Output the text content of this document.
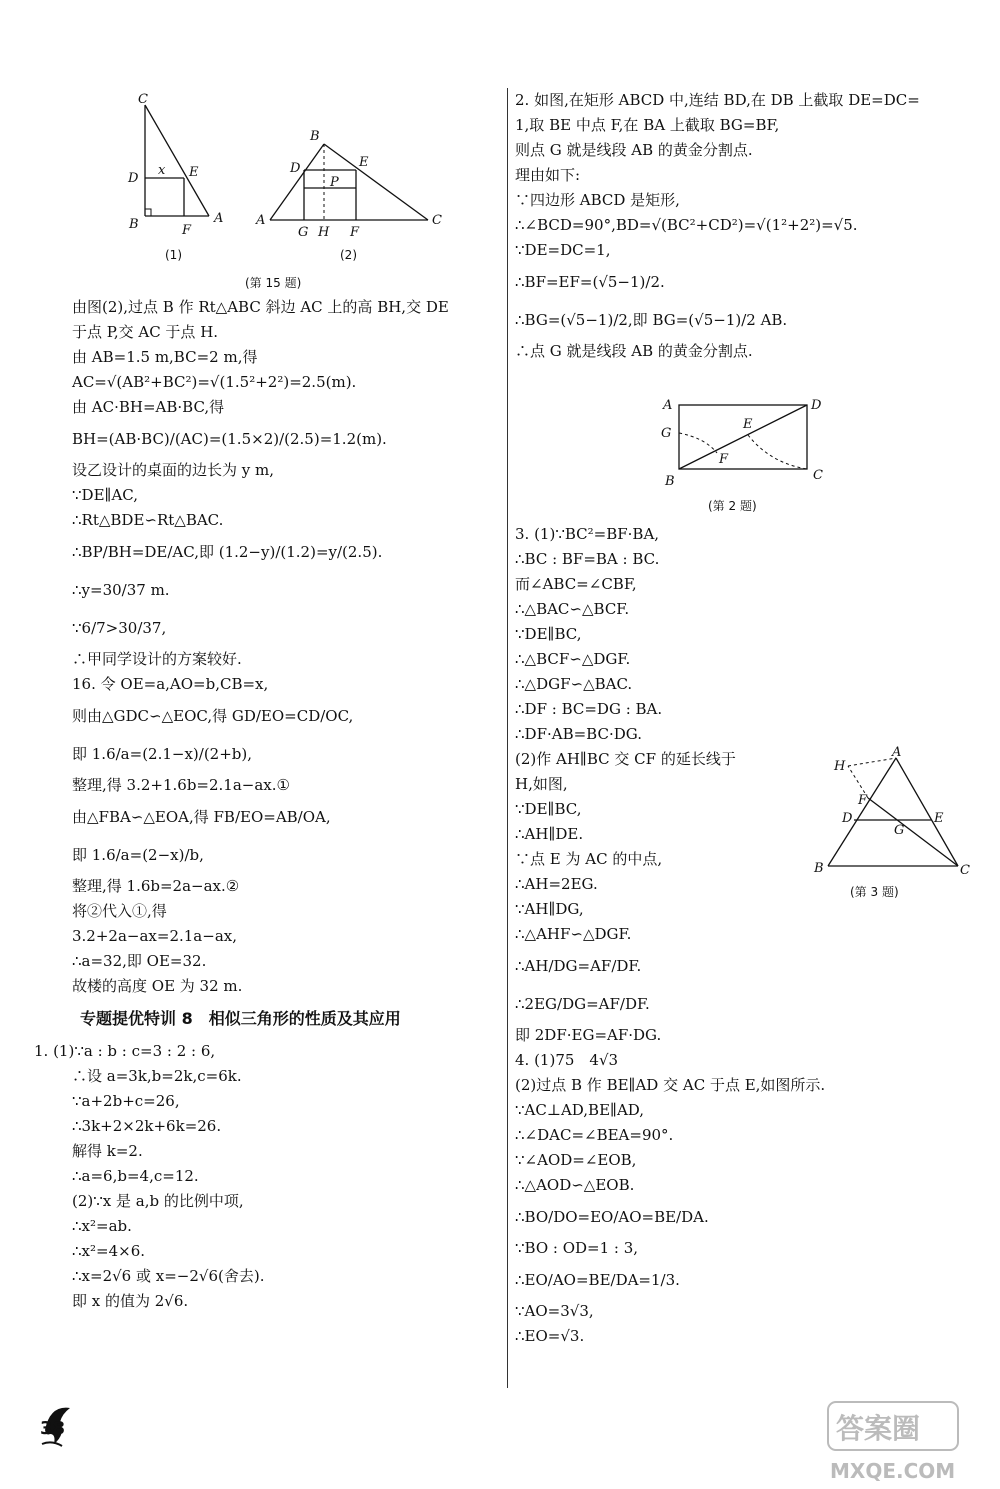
C
D
x E
B	F
A
(1)
B
D	E
P
A
G H F
C
(2)
(第 15 题)
由图(2),过点 B 作 Rt△ABC 斜边 AC 上的高 BH,交 DE
于点 P,交 AC 于点 H.
由 AB=1.5 m,BC=2 m,得
AC=√(AB²+BC²)=√(1.5²+2²)=2.5(m).
由 AC·BH=AB·BC,得
BH=(AB·BC)/(AC)=(1.5×2)/(2.5)=1.2(m).
设乙设计的桌面的边长为 y m,
∵DE∥AC,
∴Rt△BDE∽Rt△BAC.
∴BP/BH=DE/AC,即 (1.2−y)/(1.2)=y/(2.5).
∴y=30/37 m.
∵6/7>30/37,
∴甲同学设计的方案较好.
16. 令 OE=a,AO=b,CB=x,
则由△GDC∽△EOC,得 GD/EO=CD/OC,
即 1.6/a=(2.1−x)/(2+b),
整理,得 3.2+1.6b=2.1a−ax.①
由△FBA∽△EOA,得 FB/EO=AB/OA,
即 1.6/a=(2−x)/b,
整理,得 1.6b=2a−ax.②
将②代入①,得
3.2+2a−ax=2.1a−ax,
∴a=32,即 OE=32.
故楼的高度 OE 为 32 m.
专题提优特训 8　相似三角形的性质及其应用
1. (1)∵a : b : c=3 : 2 : 6,
∴设 a=3k,b=2k,c=6k.
∵a+2b+c=26,
∴3k+2×2k+6k=26.
解得 k=2.
∴a=6,b=4,c=12.
(2)∵x 是 a,b 的比例中项,
∴x²=ab.
∴x²=4×6.
∴x=2√6 或 x=−2√6(舍去).
即 x 的值为 2√6.
2. 如图,在矩形 ABCD 中,连结 BD,在 DB 上截取 DE=DC=
1,取 BE 中点 F,在 BA 上截取 BG=BF,
则点 G 就是线段 AB 的黄金分割点.
理由如下:
∵四边形 ABCD 是矩形,
∴∠BCD=90°,BD=√(BC²+CD²)=√(1²+2²)=√5.
∵DE=DC=1,
∴BF=EF=(√5−1)/2.
∴BG=(√5−1)/2,即 BG=(√5−1)/2 AB.
∴点 G 就是线段 AB 的黄金分割点.
A	D
G
E
F
B	C
(第 2 题)
3. (1)∵BC²=BF·BA,
∴BC : BF=BA : BC.
而∠ABC=∠CBF,
∴△BAC∽△BCF.
∵DE∥BC,
∴△BCF∽△DGF.
∴△DGF∽△BAC.
∴DF : BC=DG : BA.
∴DF·AB=BC·DG.
(2)作 AH∥BC 交 CF 的延长线于
H,如图,
∵DE∥BC,
∴AH∥DE.
∵点 E 为 AC 的中点,
∴AH=2EG.
∵AH∥DG,
∴△AHF∽△DGF.
∴AH/DG=AF/DF.
∴2EG/DG=AF/DF.
即 2DF·EG=AF·DG.
4. (1)75　4√3
(2)过点 B 作 BE∥AD 交 AC 于点 E,如图所示.
∵AC⊥AD,BE∥AD,
∴∠DAC=∠BEA=90°.
∵∠AOD=∠EOB,
∴△AOD∽△EOB.
∴BO/DO=EO/AO=BE/DA.
∵BO : OD=1 : 3,
∴EO/AO=BE/DA=1/3.
∵AO=3√3,
∴EO=√3.
H
A
F
D	E
G
B	C
(第 3 题)
38	答案圈
MXQE.COM
